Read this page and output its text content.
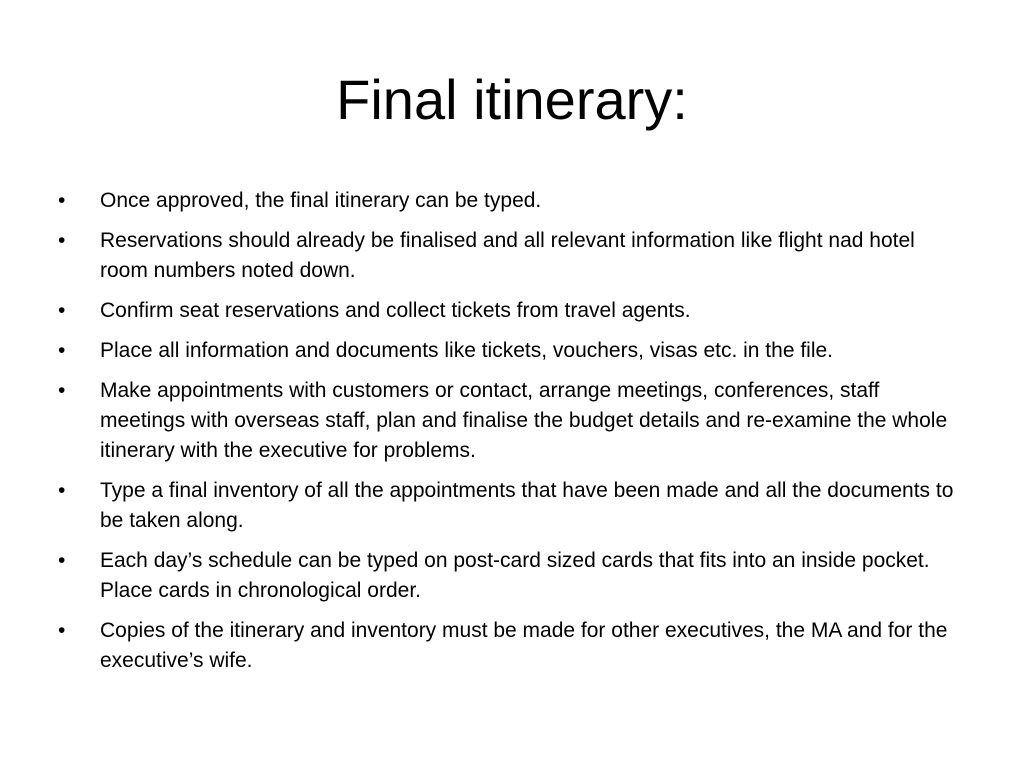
Final itinerary:
•	Once approved, the final itinerary can be typed.
•	Reservations should already be finalised and all relevant information like flight nad hotel room numbers noted down.
•	Confirm seat reservations and collect tickets from travel agents.
•	Place all information and documents like tickets, vouchers, visas etc. in the file.
•	Make appointments with customers or contact, arrange meetings, conferences, staff meetings with overseas staff, plan and finalise the budget details and re-examine the whole itinerary with the executive for problems.
•	Type a final inventory of all the appointments that have been made and all the documents to be taken along.
•	Each day’s schedule can be typed on post-card sized cards that fits into an inside pocket. Place cards in chronological order.
•	Copies of the itinerary and inventory must be made for other executives, the MA and for the executive’s wife.
